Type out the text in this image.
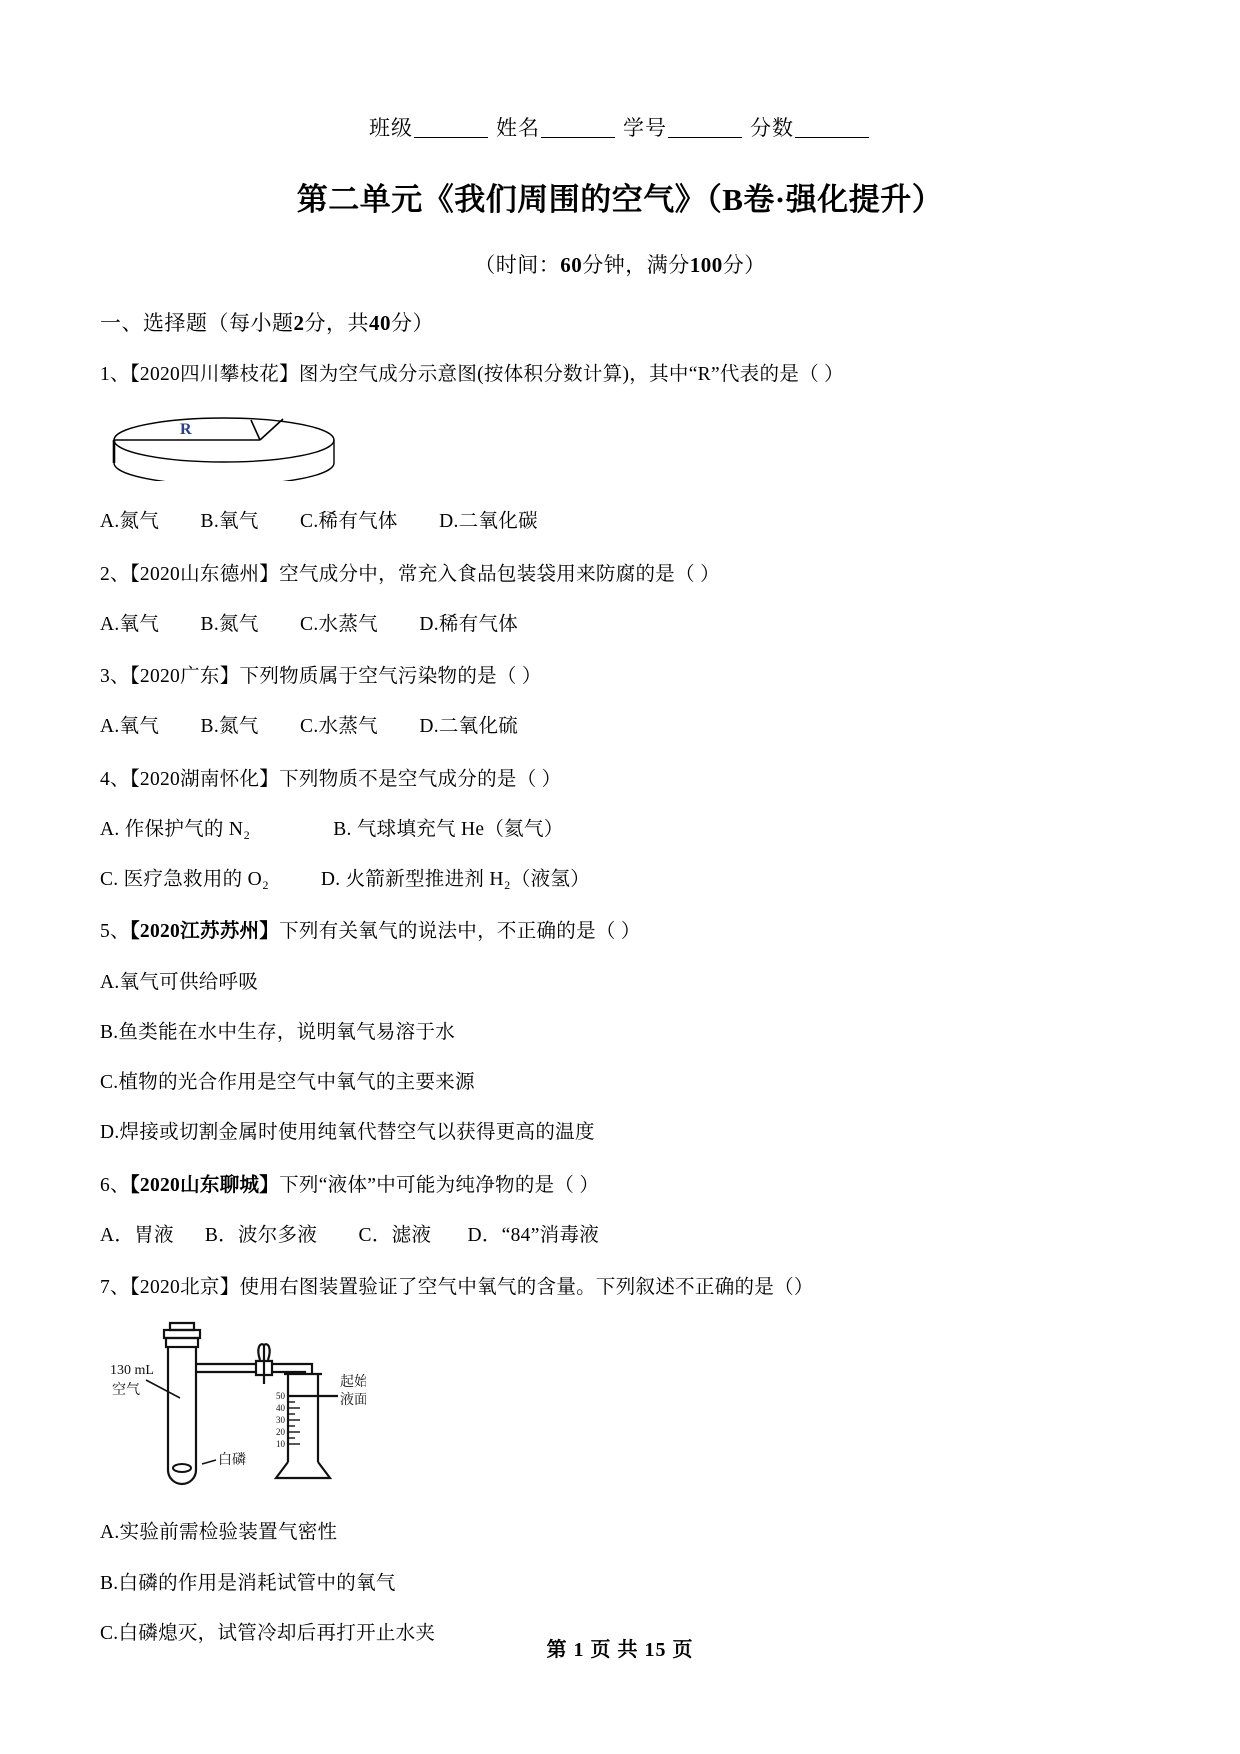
班级	姓名	学号	分数
第二单元《我们周围的空气》（B卷·强化提升）
（时间：60分钟，满分100分）
一、选择题（每小题2分，共40分）
1、【2020四川攀枝花】图为空气成分示意图(按体积分数计算)，其中“R”代表的是（ ）
R
A.氮气        B.氧气        C.稀有气体        D.二氧化碳
2、【2020山东德州】空气成分中，常充入食品包装袋用来防腐的是（ ）
A.氧气        B.氮气        C.水蒸气        D.稀有气体
3、【2020广东】下列物质属于空气污染物的是（ ）
A.氧气        B.氮气        C.水蒸气        D.二氧化硫
4、【2020湖南怀化】下列物质不是空气成分的是（ ）
A. 作保护气的 N₂                B. 气球填充气 He（氦气）
C. 医疗急救用的 O₂          D. 火箭新型推进剂 H₂（液氢）
5、【2020江苏苏州】下列有关氧气的说法中，不正确的是（ ）
A.氧气可供给呼吸
B.鱼类能在水中生存，说明氧气易溶于水
C.植物的光合作用是空气中氧气的主要来源
D.焊接或切割金属时使用纯氧代替空气以获得更高的温度
6、【2020山东聊城】下列“液体”中可能为纯净物的是（ ）
A．胃液      B．波尔多液        C．滤液       D．“84”消毒液
7、【2020北京】使用右图装置验证了空气中氧气的含量。下列叙述不正确的是（）
50
40
30
20
10
130 mL
空气
白磷
起始
液面
A.实验前需检验装置气密性
B.白磷的作用是消耗试管中的氧气
C.白磷熄灭，试管冷却后再打开止水夹
第 1 页 共 15 页
